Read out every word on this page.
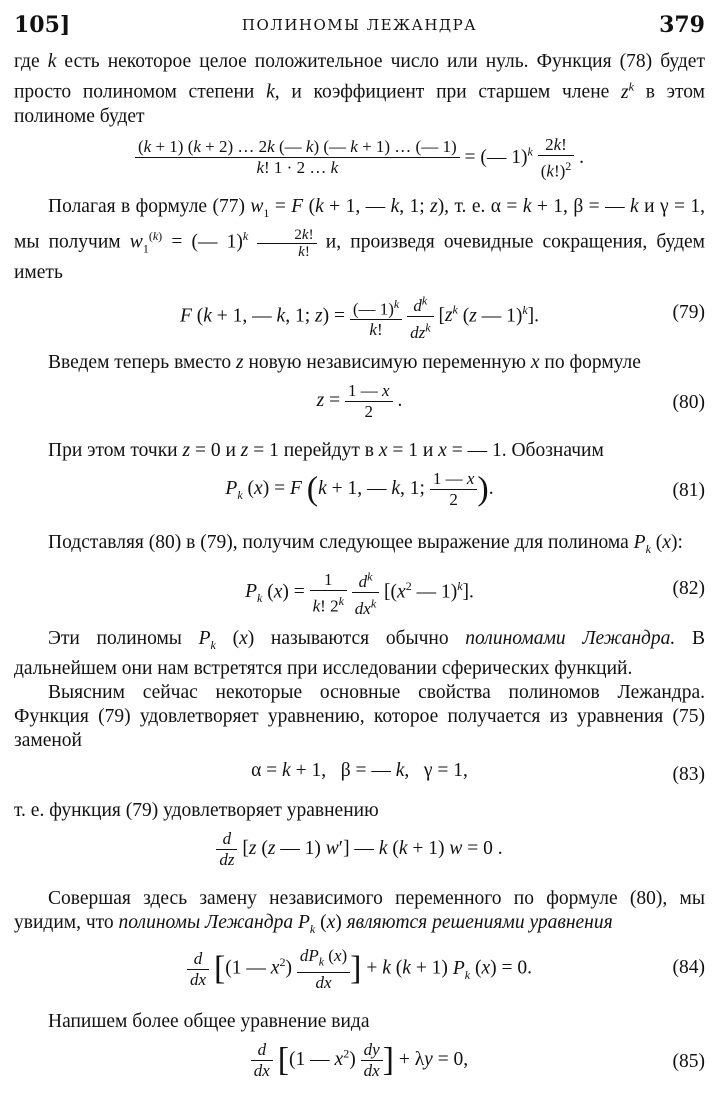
105]	ПОЛИНОМЫ ЛЕЖАНДРА	379

где k есть некоторое целое положительное число или нуль. Функция (78) будет просто полиномом степени k, и коэффициент при старшем члене $z^k$ в этом полиноме будет

$\frac{(k + 1) (k + 2) \dots 2k (— k) (— k + 1) \dots (— 1)}{k! 1 \cdot 2 \dots k}$ = (— $1)^k \frac{2k!}{(k!)^2}$ .

Полагая в формуле (77) $w_1 = F$ (k + 1, — k, 1; z), т. е. α = k + 1, β = — k и γ = 1, мы получим $w_1^{(k)}$ = (— $1)^k \frac{2k!}{k!} и$, произведя очевидные сокращения, будем иметь

F (k + 1, — k, 1; $z) = \frac{(— 1)^k}{k!}$
$\frac{d^k}{dz^k} [z^k$ (z — 1)$^k$].	(79)

Введем теперь вместо z новую независимую переменную x по формуле

$z = \frac{1 — x}{2}$ .	(80)

При этом точки z = 0 и z = 1 перейдут в x = 1 и x = — 1. Обозначим

$P_k$ (x) = F (k + 1, — k, 1; $\frac{1 — x}{2}$ ).	(81)

Подставляя (80) в (79), получим следующее выражение для полинома $P_k$ (x):

$P_k$ $(x) = \frac{1}{k! 2^k}$
$\frac{d^k}{dx^k} [(x^2$ — 1)$^k$].	(82)

Эти полиномы $P_k$ (x) называются обычно полиномами Лежандра. В дальнейшем они нам встретятся при исследовании сферических функций.

Выясним сейчас некоторые основные свойства полиномов Лежандра. Функция (79) удовлетворяет уравнению, которое получается из уравнения (75) заменой

α = k + 1,   β = — k,   γ = 1,	(83)

т. е. функция (79) удовлетворяет уравнению

$\frac{d}{dz} [z$ (z — 1) w′] — k (k + 1) w = 0 .

Совершая здесь замену независимого переменного по формуле (80), мы увидим, что полиномы Лежандра $P_k$ (x) являются решениями уравнения

$\frac{d}{dx} [(1$ — $x^2) \frac{dP_k (x)}{dx}$ ] + k (k + 1) $P_k$ (x) = 0.	(84)

Напишем более общее уравнение вида

$\frac{d}{dx} [(1$ — $x^2) \frac{dy}{dx}$ ] + λy = 0,	(85)
